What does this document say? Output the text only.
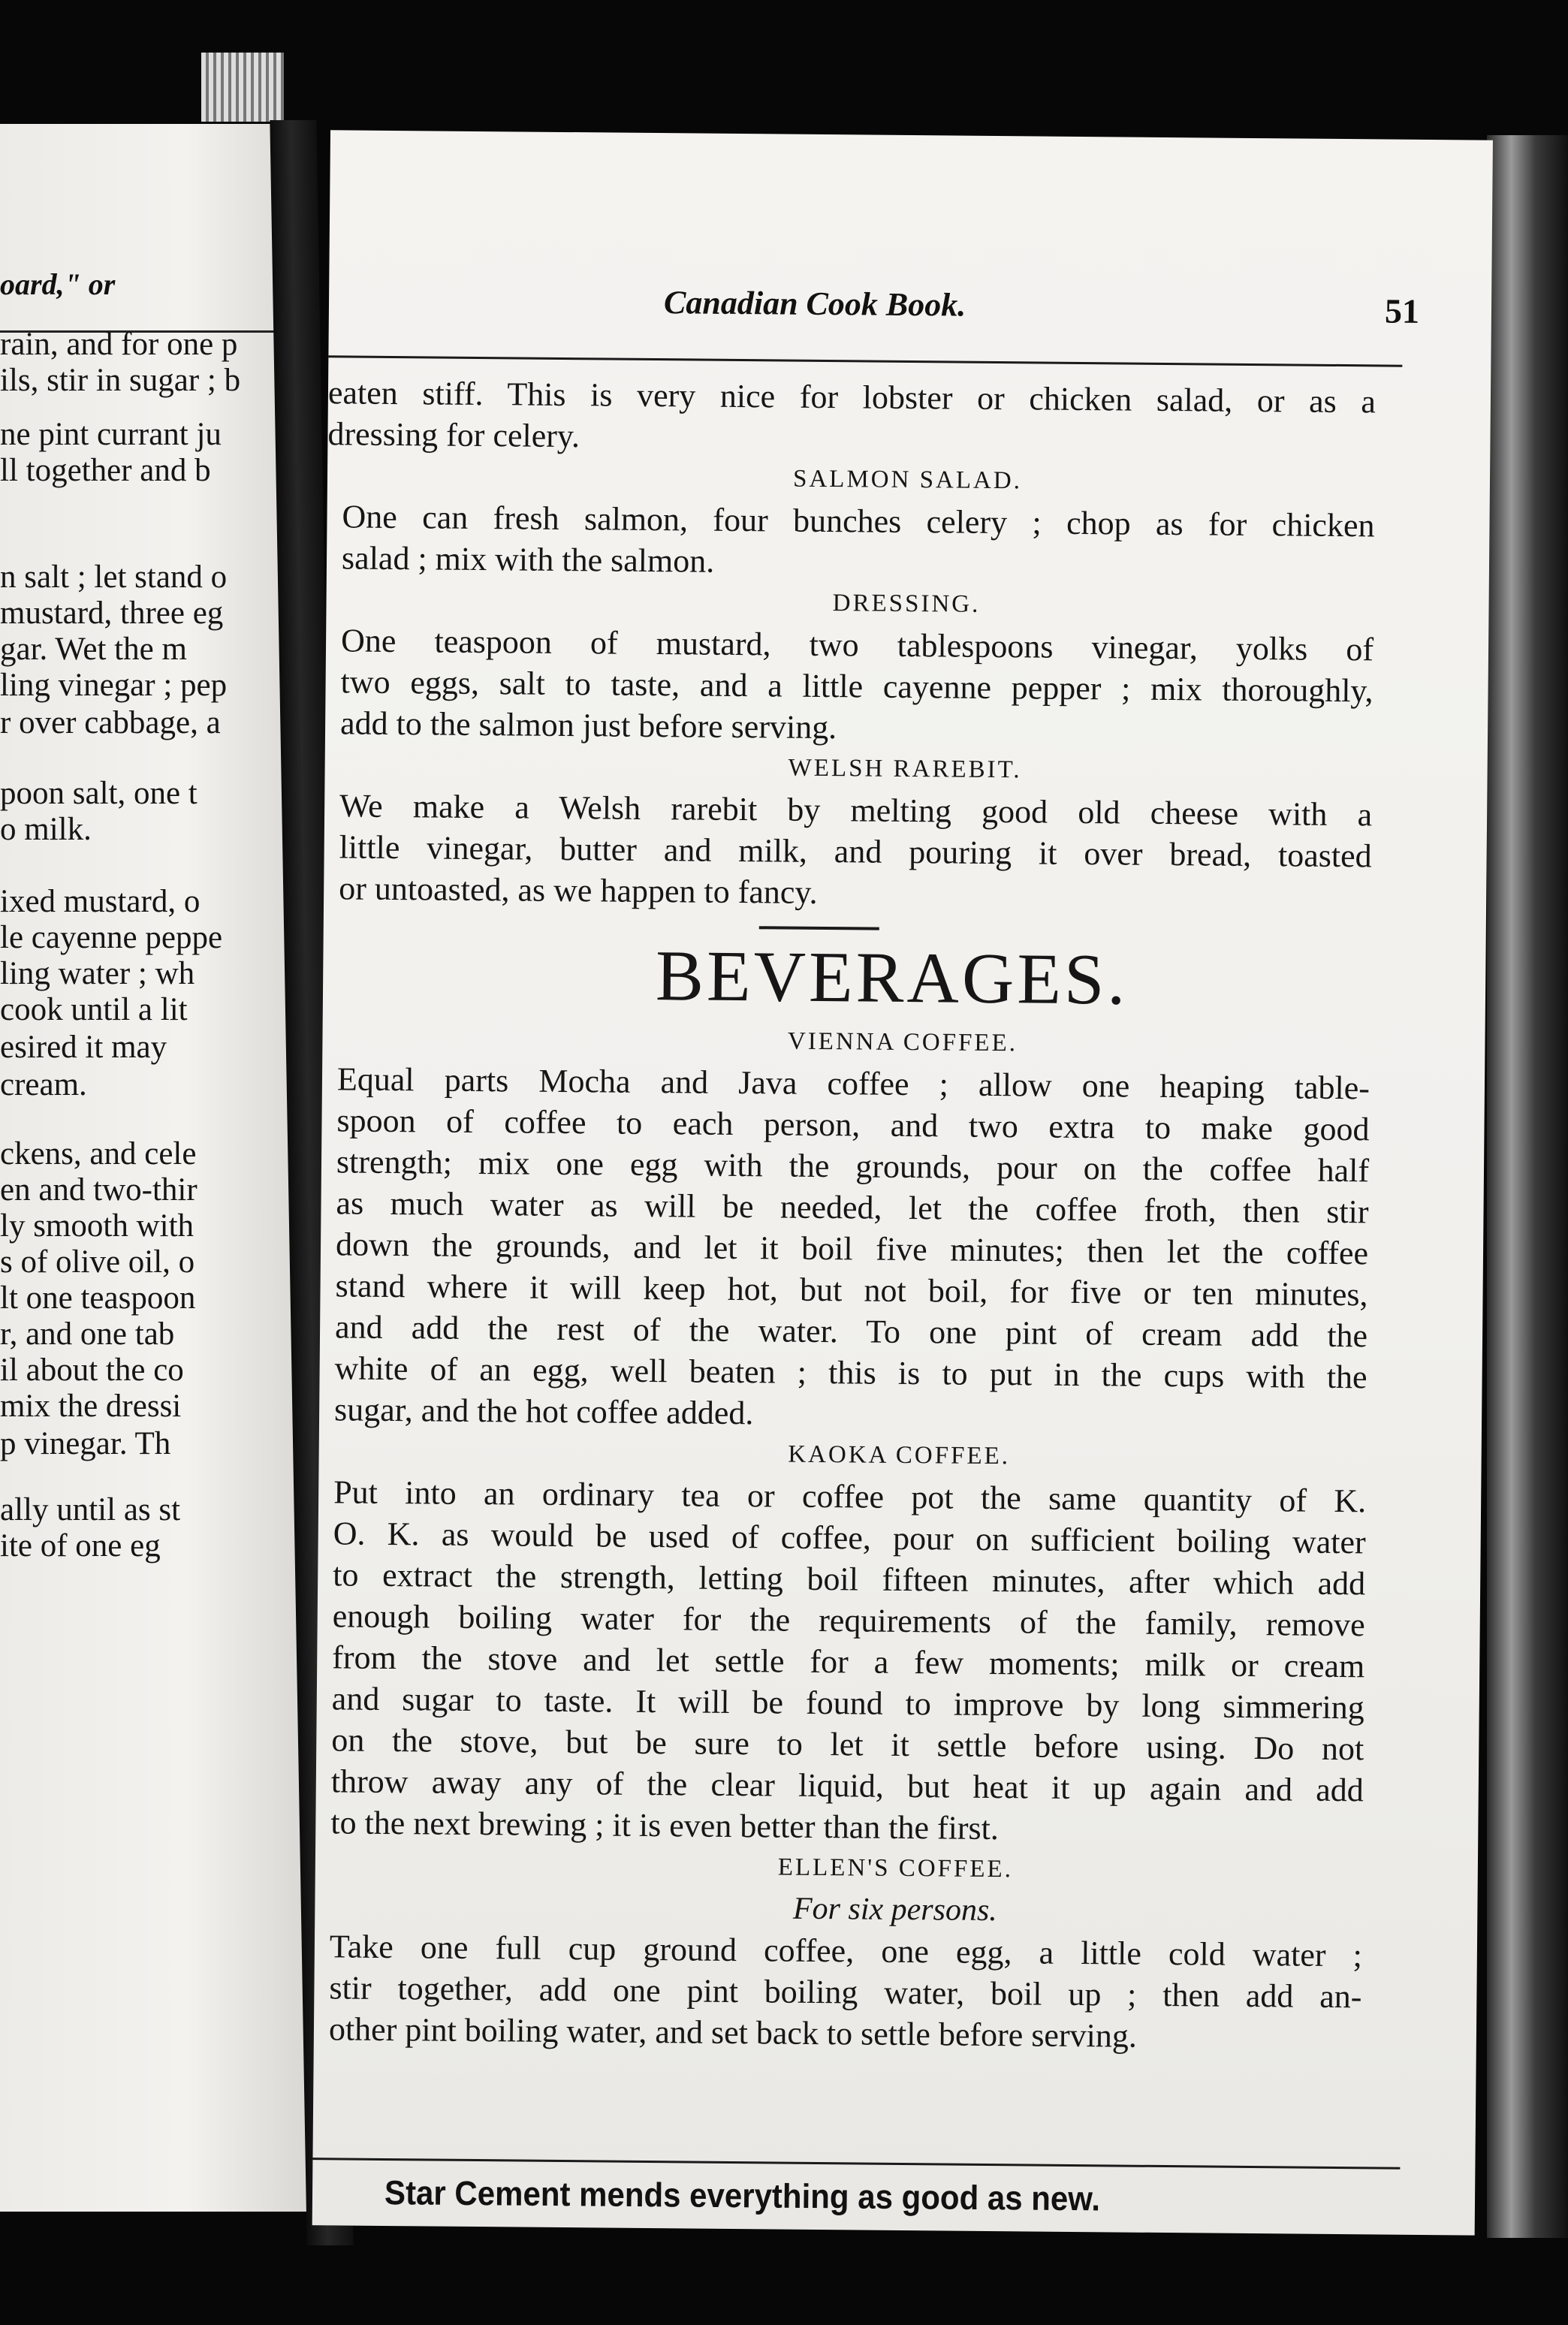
oard," or
rain, and for one p
ils, stir in sugar ; b
ne pint currant ju
ll together and b
n salt ; let stand o
mustard, three eg
gar. Wet the m
ling vinegar ; pep
r over cabbage, a
poon salt, one t
o milk.
ixed mustard, o
le cayenne peppe
ling water ; wh
cook until a lit
esired it may
cream.
ckens, and cele
en and two-thir
ly smooth with
s of olive oil, o
lt one teaspoon
r, and one tab
il about the co
mix the dressi
p vinegar. Th
ally until as st
ite of one eg
Canadian Cook Book.	51
eaten stiff. This is very nice for lobster or chicken salad, or as a
dressing for celery.
SALMON SALAD.
One can fresh salmon, four bunches celery ; chop as for chicken
salad ; mix with the salmon.
DRESSING.
One teaspoon of mustard, two tablespoons vinegar, yolks of
two eggs, salt to taste, and a little cayenne pepper ; mix thoroughly,
add to the salmon just before serving.
WELSH RAREBIT.
We make a Welsh rarebit by melting good old cheese with a
little vinegar, butter and milk, and pouring it over bread, toasted
or untoasted, as we happen to fancy.
BEVERAGES.
VIENNA COFFEE.
Equal parts Mocha and Java coffee ; allow one heaping table-
spoon of coffee to each person, and two extra to make good
strength; mix one egg with the grounds, pour on the coffee half
as much water as will be needed, let the coffee froth, then stir
down the grounds, and let it boil five minutes; then let the coffee
stand where it will keep hot, but not boil, for five or ten minutes,
and add the rest of the water. To one pint of cream add the
white of an egg, well beaten ; this is to put in the cups with the
sugar, and the hot coffee added.
KAOKA COFFEE.
Put into an ordinary tea or coffee pot the same quantity of K.
O. K. as would be used of coffee, pour on sufficient boiling water
to extract the strength, letting boil fifteen minutes, after which add
enough boiling water for the requirements of the family, remove
from the stove and let settle for a few moments; milk or cream
and sugar to taste. It will be found to improve by long simmering
on the stove, but be sure to let it settle before using. Do not
throw away any of the clear liquid, but heat it up again and add
to the next brewing ; it is even better than the first.
ELLEN'S COFFEE.
For six persons.
Take one full cup ground coffee, one egg, a little cold water ;
stir together, add one pint boiling water, boil up ; then add an-
other pint boiling water, and set back to settle before serving.
Star Cement mends everything as good as new.
